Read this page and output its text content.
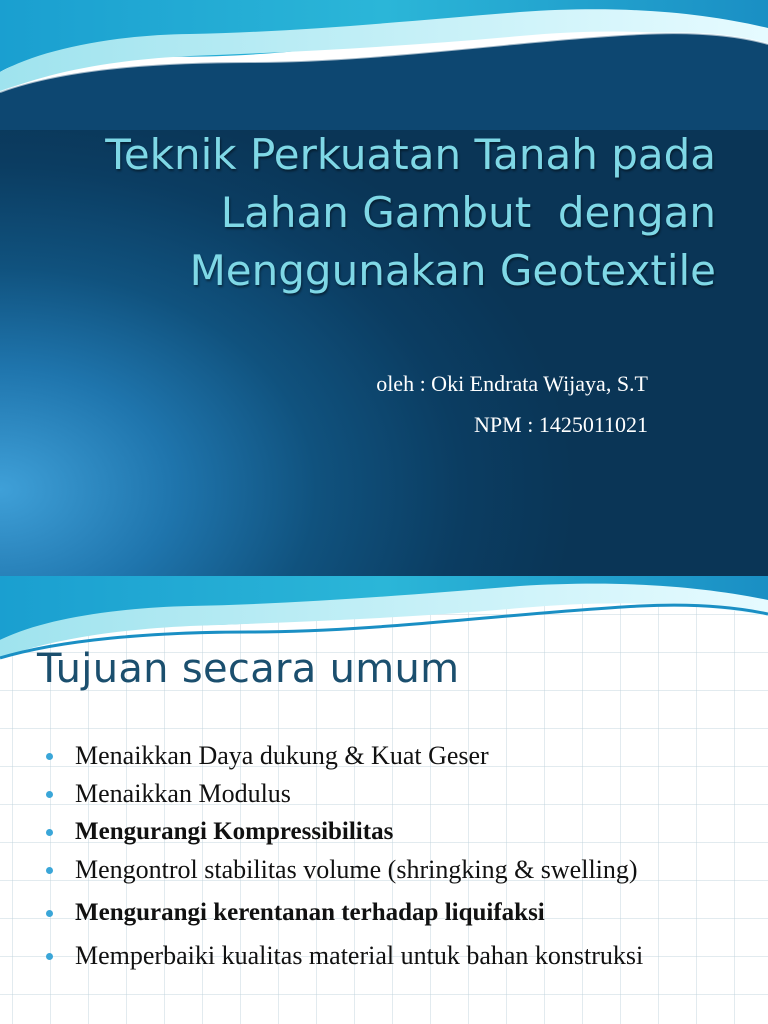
Teknik Perkuatan Tanah pada
Lahan Gambut  dengan
Menggunakan Geotextile

oleh : Oki Endrata Wijaya, S.T

NPM : 1425011021

Tujuan secara umum
Menaikkan Daya dukung & Kuat Geser
Menaikkan Modulus
Mengurangi Kompressibilitas
Mengontrol stabilitas volume (shringking & swelling)
Mengurangi kerentanan terhadap liquifaksi
Memperbaiki kualitas material untuk bahan konstruksi
